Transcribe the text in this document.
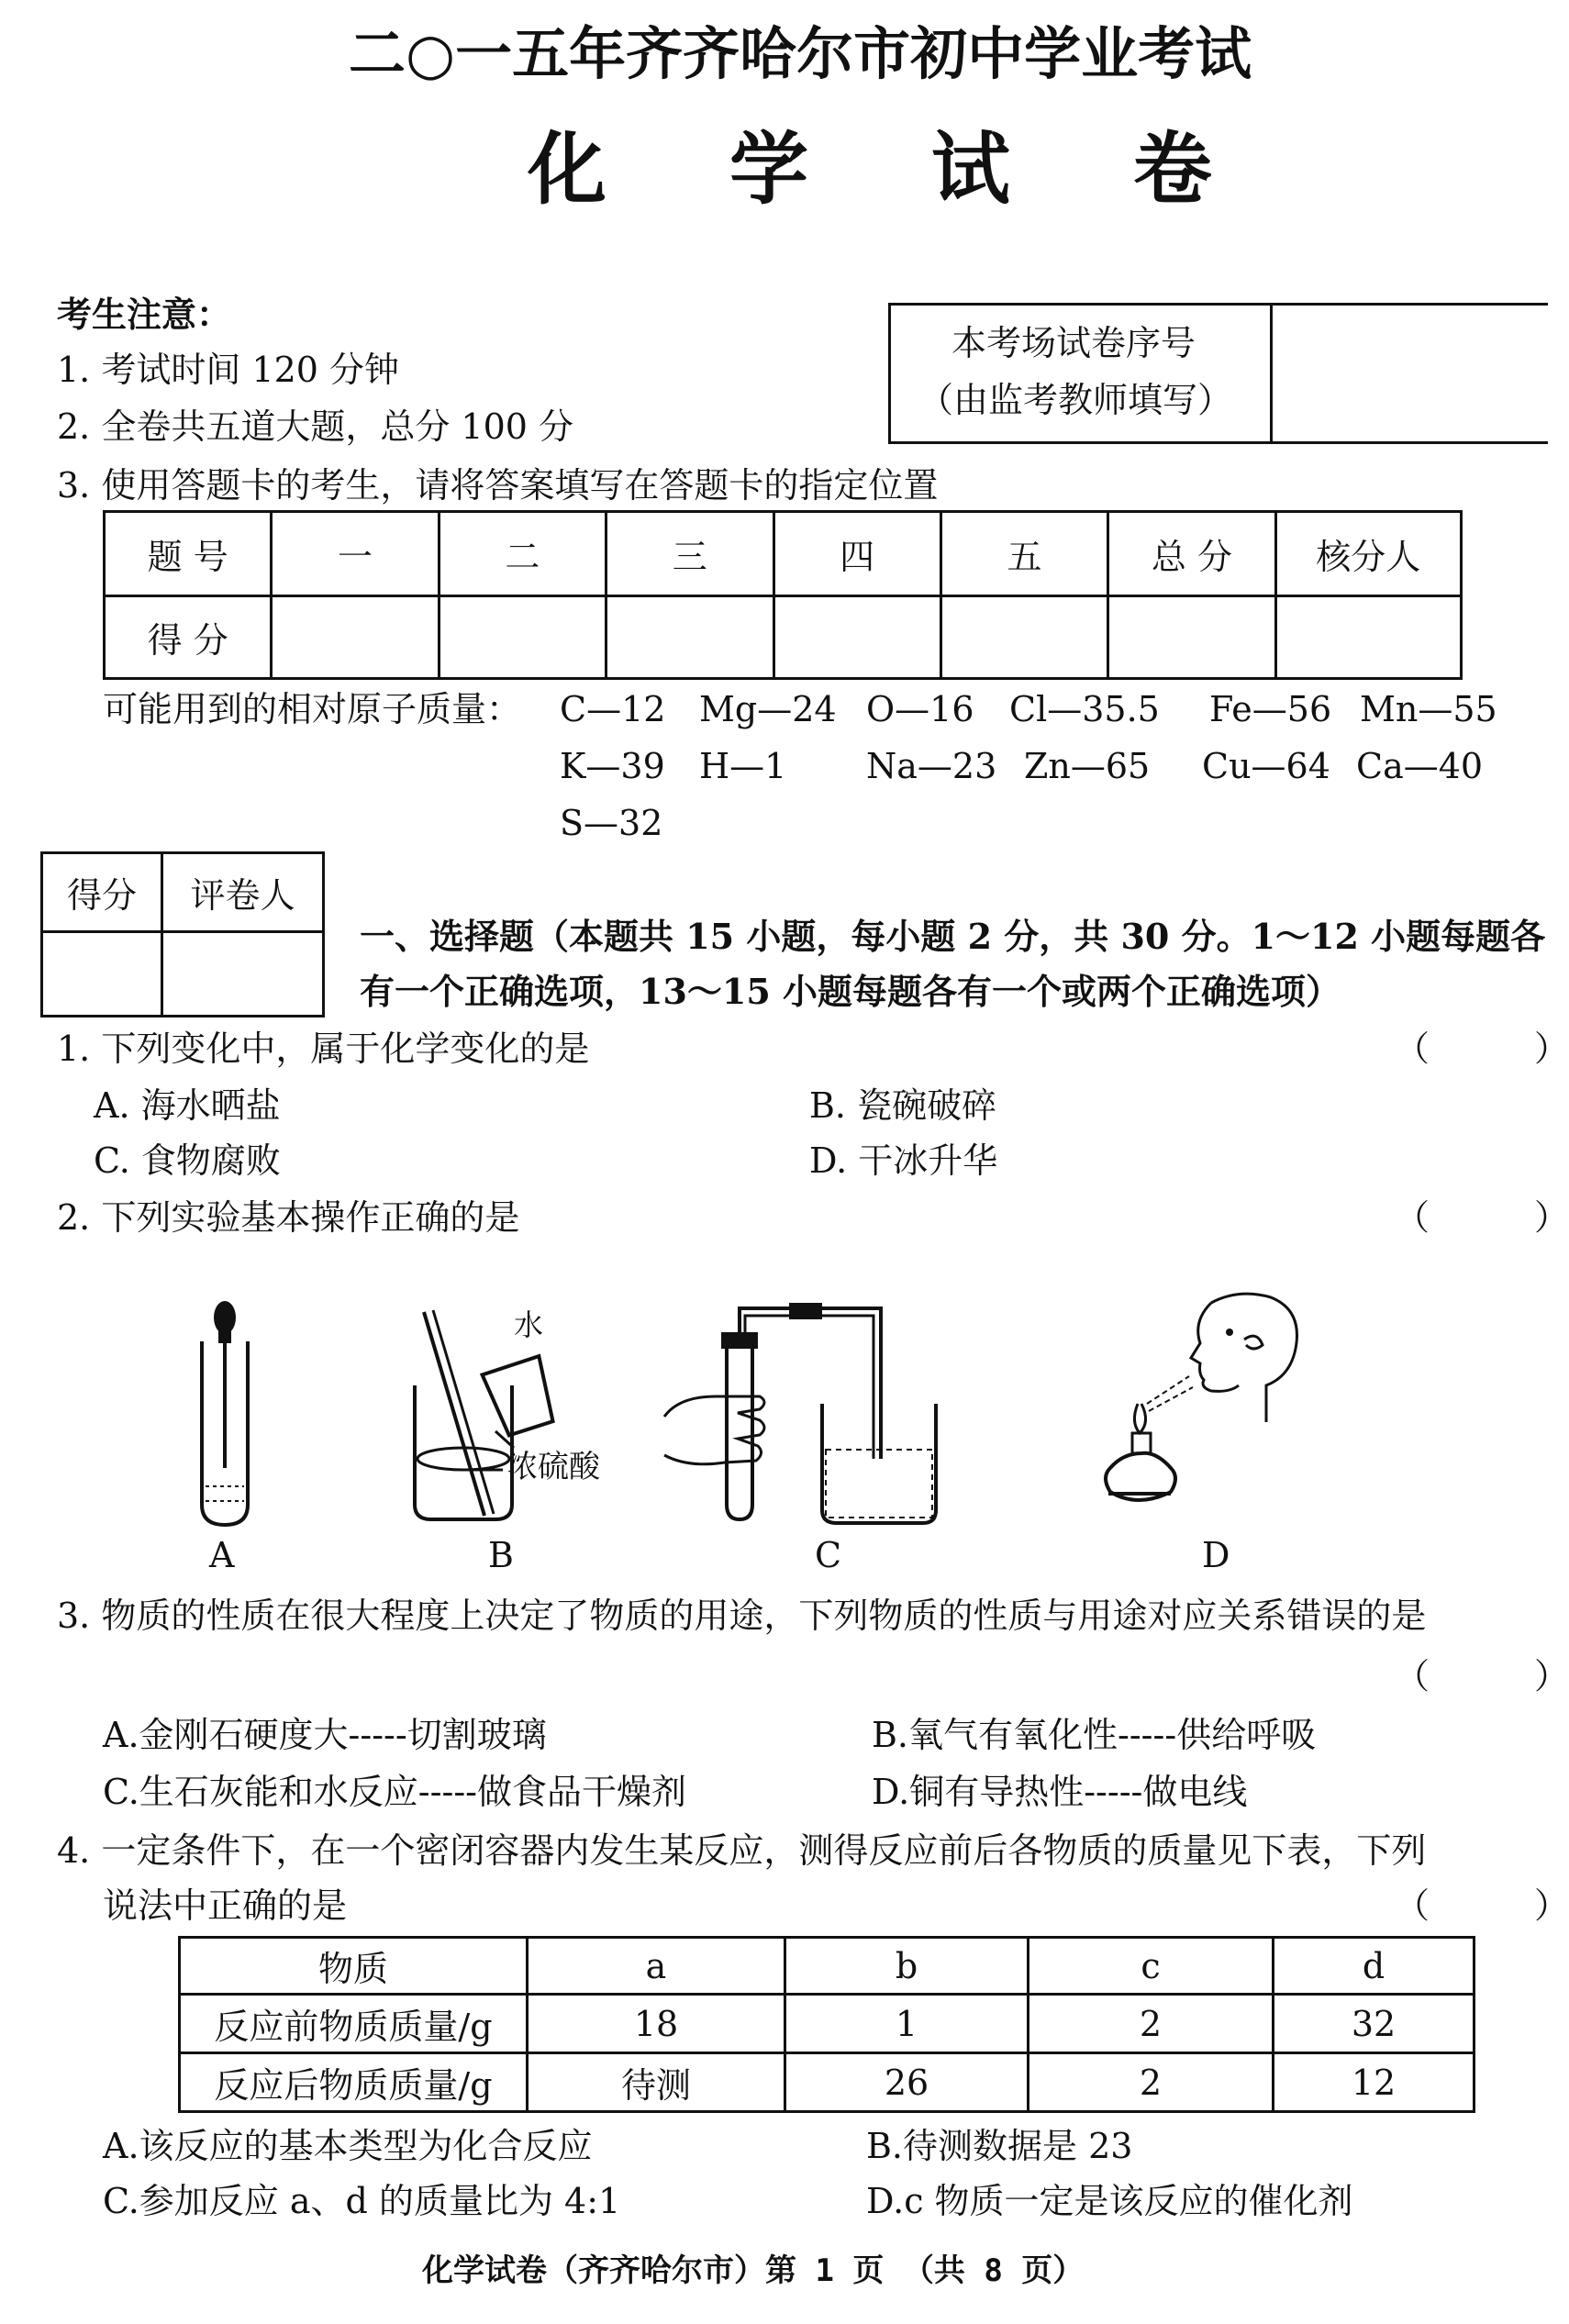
二○一五年齐齐哈尔市初中学业考试
化 学 试 卷
考生注意：
1. 考试时间 120 分钟
2. 全卷共五道大题，总分 100 分
3. 使用答题卡的考生，请将答案填写在答题卡的指定位置
本考场试卷序号
（由监考教师填写）
题 号	一	二	三	四	五	总 分	核分人
得 分							
可能用到的相对原子质量： C—12 Mg—24 O—16 Cl—35.5 Fe—56 Mn—55
K—39 H—1 Na—23 Zn—65 Cu—64 Ca—40
S—32
得分	评卷人

一、选择题（本题共 15 小题，每小题 2 分，共 30 分。1～12 小题每题各
有一个正确选项，13～15 小题每题各有一个或两个正确选项）
1. 下列变化中，属于化学变化的是	（　　　）
A. 海水晒盐	B. 瓷碗破碎
C. 食物腐败	D. 干冰升华
2. 下列实验基本操作正确的是	（　　　）
水
浓硫酸
A	B	C	D
3. 物质的性质在很大程度上决定了物质的用途，下列物质的性质与用途对应关系错误的是
（　　　）
A.金刚石硬度大-----切割玻璃	B.氧气有氧化性-----供给呼吸
C.生石灰能和水反应-----做食品干燥剂	D.铜有导热性-----做电线
4. 一定条件下，在一个密闭容器内发生某反应，测得反应前后各物质的质量见下表，下列
说法中正确的是	（　　　）
物质	a	b	c	d
反应前物质质量/g	18	1	2	32
反应后物质质量/g	待测	26	2	12
A.该反应的基本类型为化合反应	B.待测数据是 23
C.参加反应 a、d 的质量比为 4:1	D.c 物质一定是该反应的催化剂
化学试卷（齐齐哈尔市）第 1 页 （共 8 页）
